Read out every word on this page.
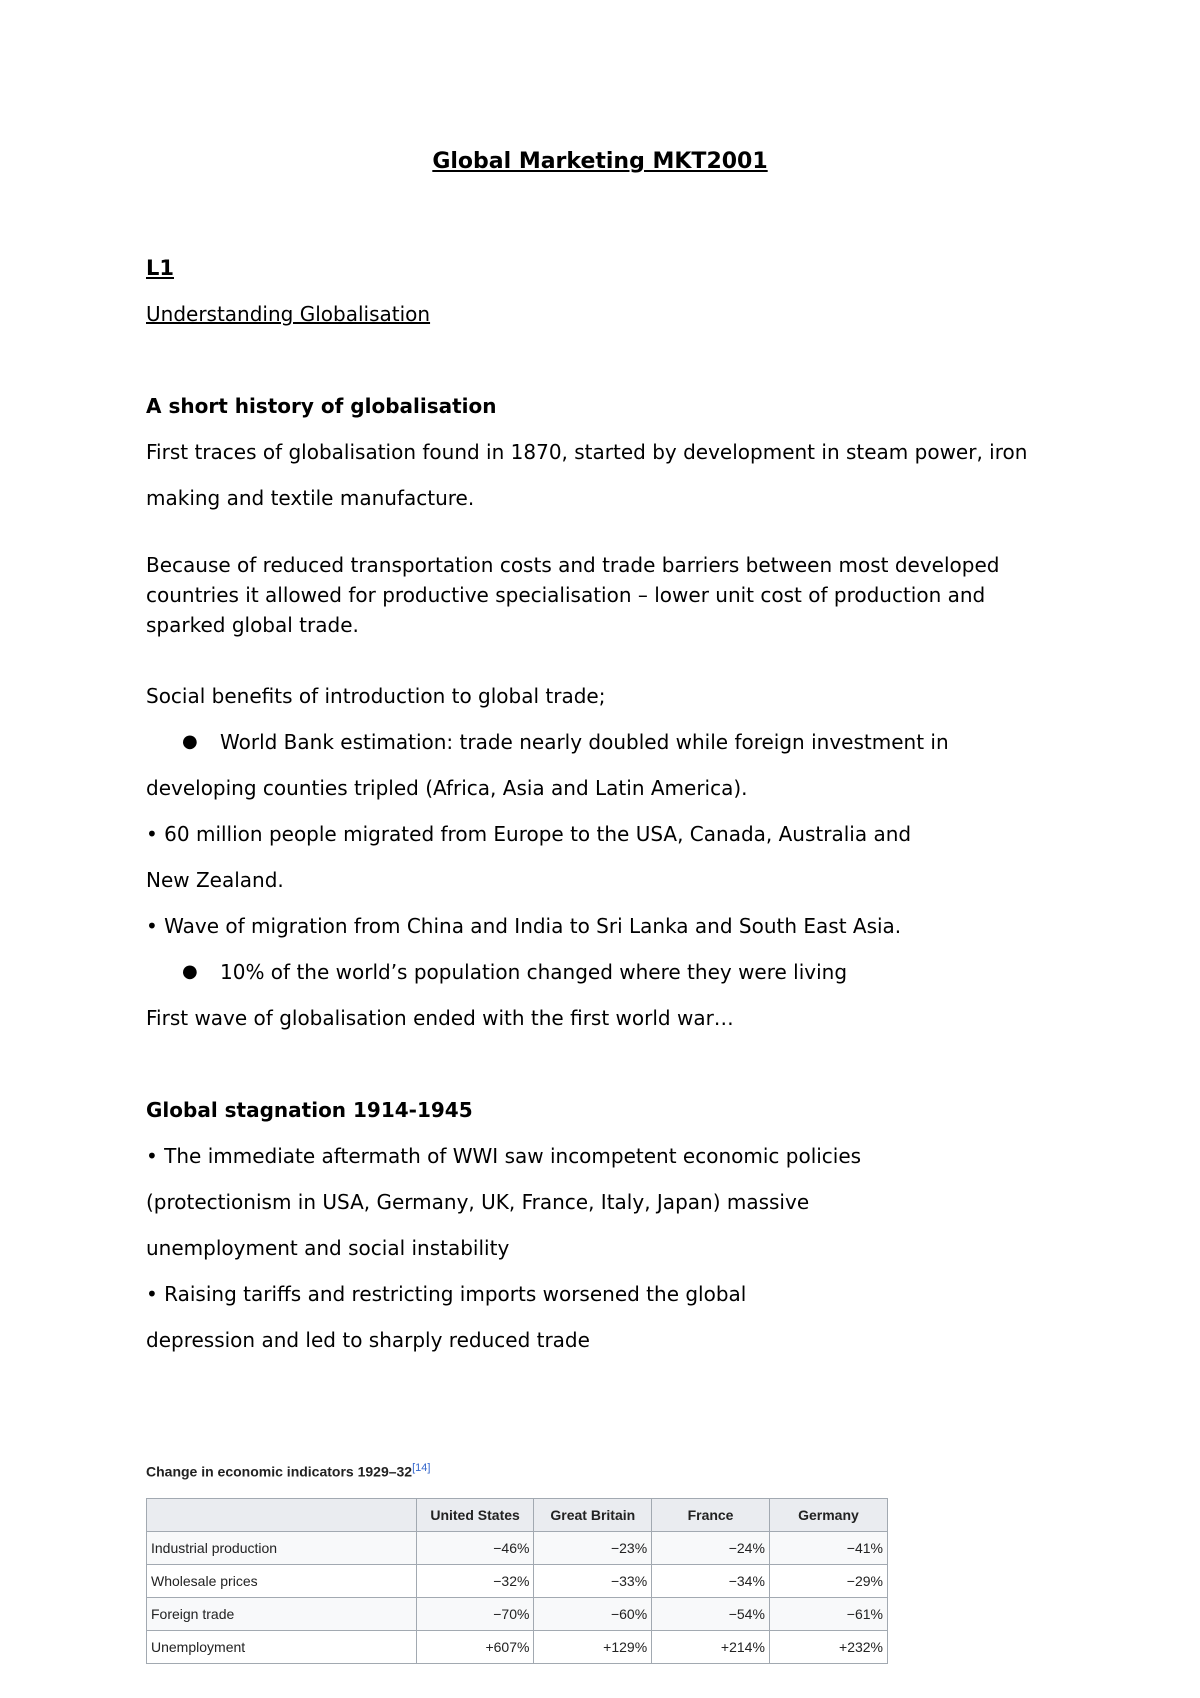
Global Marketing MKT2001

L1

Understanding Globalisation

A short history of globalisation

First traces of globalisation found in 1870, started by development in steam power, iron

making and textile manufacture.

Because of reduced transportation costs and trade barriers between most developed countries it allowed for productive specialisation – lower unit cost of production and sparked global trade.

Social benefits of introduction to global trade;

● World Bank estimation: trade nearly doubled while foreign investment in

developing counties tripled (Africa, Asia and Latin America).

• 60 million people migrated from Europe to the USA, Canada, Australia and

New Zealand.

• Wave of migration from China and India to Sri Lanka and South East Asia.

● 10% of the world’s population changed where they were living

First wave of globalisation ended with the first world war…

Global stagnation 1914-1945

• The immediate aftermath of WWI saw incompetent economic policies

(protectionism in USA, Germany, UK, France, Italy, Japan) massive

unemployment and social instability

• Raising tariffs and restricting imports worsened the global

depression and led to sharply reduced trade

Change in economic indicators 1929–32[14]
	United States	Great Britain	France	Germany
Industrial production	−46%	−23%	−24%	−41%
Wholesale prices	−32%	−33%	−34%	−29%
Foreign trade	−70%	−60%	−54%	−61%
Unemployment	+607%	+129%	+214%	+232%
